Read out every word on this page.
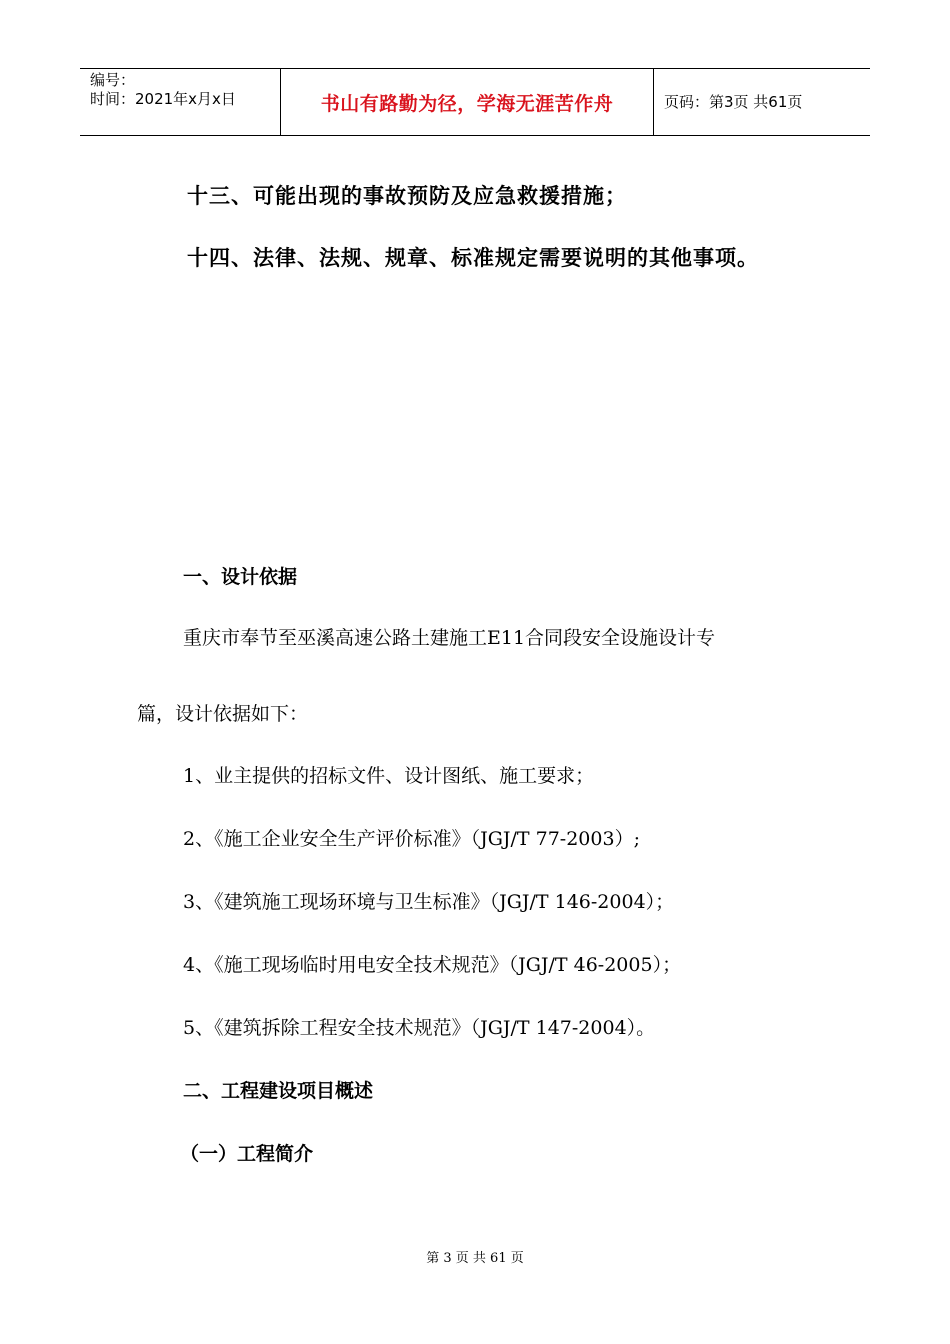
编号：
时间：2021年x月x日	书山有路勤为径，学海无涯苦作舟	页码：第3页 共61页
十三、可能出现的事故预防及应急救援措施；
十四、法律、法规、规章、标准规定需要说明的其他事项。
一、设计依据
重庆市奉节至巫溪高速公路土建施工E11合同段安全设施设计专
篇，设计依据如下：
1、业主提供的招标文件、设计图纸、施工要求；
2、《施工企业安全生产评价标准》（JGJ/T 77-2003）;
3、《建筑施工现场环境与卫生标准》（JGJ/T 146-2004）；
4、《施工现场临时用电安全技术规范》（JGJ/T 46-2005）；
5、《建筑拆除工程安全技术规范》（JGJ/T 147-2004）。
二、工程建设项目概述
（一）工程简介
第 3 页 共 61 页
